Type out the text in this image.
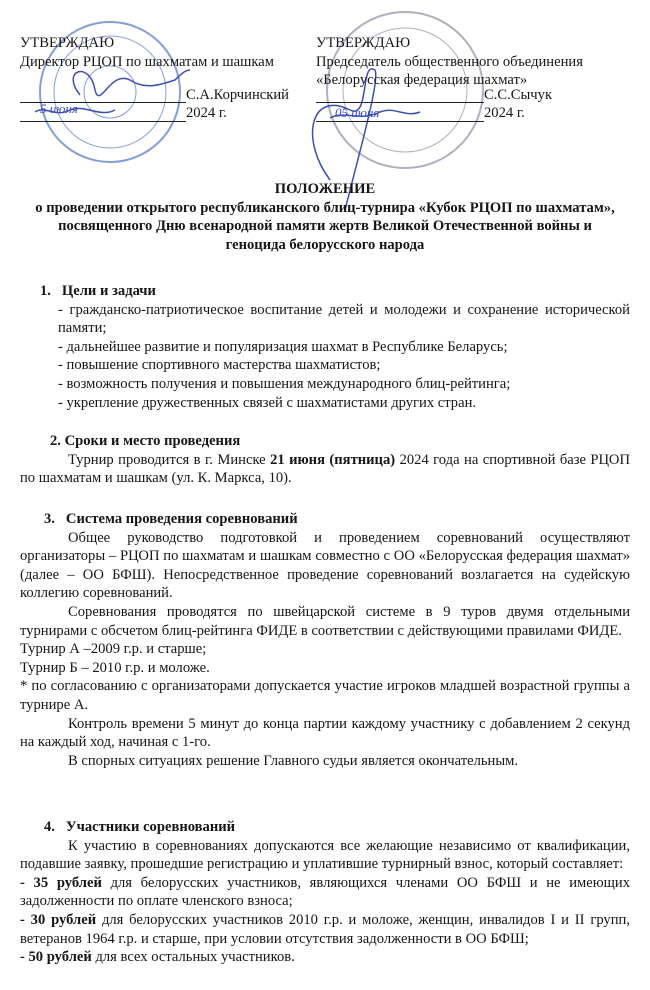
УТВЕРЖДАЮ
Директор РЦОП по шахматам и шашкам
С.А.Корчинский
2024 г.
5 июня
УТВЕРЖДАЮ
Председатель общественного объединения
«Белорусская федерация шахмат»
С.С.Сычук
2024 г.
05 июня
ПОЛОЖЕНИЕ
о проведении открытого республиканского блиц-турнира «Кубок РЦОП по шахматам»,
посвященного Дню всенародной памяти жертв Великой Отечественной войны и
геноцида белорусского народа
1. Цели и задачи
- гражданско-патриотическое воспитание детей и молодежи и сохранение исторической памяти;
- дальнейшее развитие и популяризация шахмат в Республике Беларусь;
- повышение спортивного мастерства шахматистов;
- возможность получения и повышения международного блиц-рейтинга;
- укрепление дружественных связей с шахматистами других стран.
2. Сроки и место проведения
Турнир проводится в г. Минске 21 июня (пятница) 2024 года на спортивной базе РЦОП по шахматам и шашкам (ул. К. Маркса, 10).
3. Система проведения соревнований
Общее руководство подготовкой и проведением соревнований осуществляют организаторы – РЦОП по шахматам и шашкам совместно с ОО «Белорусская федерация шахмат» (далее – ОО БФШ). Непосредственное проведение соревнований возлагается на судейскую коллегию соревнований.
Соревнования проводятся по швейцарской системе в 9 туров двумя отдельными турнирами с обсчетом блиц-рейтинга ФИДЕ в соответствии с действующими правилами ФИДЕ.
Турнир А –2009 г.р. и старше;
Турнир Б – 2010 г.р. и моложе.
* по согласованию с организаторами допускается участие игроков младшей возрастной группы а турнире А.
Контроль времени 5 минут до конца партии каждому участнику с добавлением 2 секунд на каждый ход, начиная с 1-го.
В спорных ситуациях решение Главного судьи является окончательным.
4. Участники соревнований
К участию в соревнованиях допускаются все желающие независимо от квалификации, подавшие заявку, прошедшие регистрацию и уплатившие турнирный взнос, который составляет:
- 35 рублей для белорусских участников, являющихся членами ОО БФШ и не имеющих задолженности по оплате членского взноса;
- 30 рублей для белорусских участников 2010 г.р. и моложе, женщин, инвалидов I и II групп, ветеранов 1964 г.р. и старше, при условии отсутствия задолженности в ОО БФШ;
- 50 рублей для всех остальных участников.
